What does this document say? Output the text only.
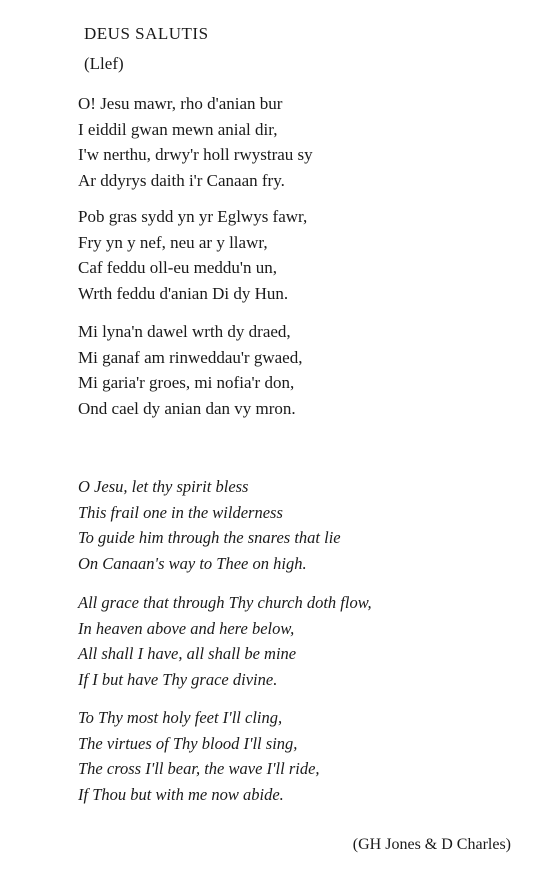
DEUS SALUTIS
(Llef)
O! Jesu mawr, rho d'anian bur
I eiddil gwan mewn anial dir,
I'w nerthu, drwy'r holl rwystrau sy
Ar ddyrys daith i'r Canaan fry.
Pob gras sydd yn yr Eglwys fawr,
Fry yn y nef, neu ar y llawr,
Caf feddu oll-eu meddu'n un,
Wrth feddu d'anian Di dy Hun.
Mi lyna'n dawel wrth dy draed,
Mi ganaf am rinweddau'r gwaed,
Mi garia'r groes, mi nofia'r don,
Ond cael dy anian dan vy mron.
O Jesu, let thy spirit bless
This frail one in the wilderness
To guide him through the snares that lie
On Canaan's way to Thee on high.
All grace that through Thy church doth flow,
In heaven above and here below,
All shall I have, all shall be mine
If I but have Thy grace divine.
To Thy most holy feet I'll cling,
The virtues of Thy blood I'll sing,
The cross I'll bear, the wave I'll ride,
If Thou but with me now abide.
(GH Jones & D Charles)
